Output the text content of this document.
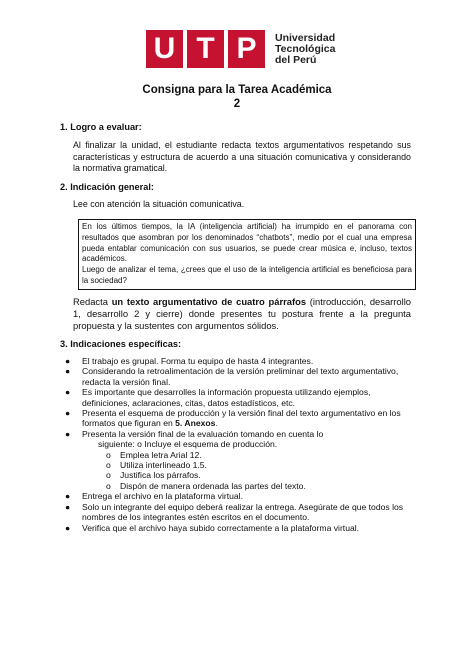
U T P	Universidad
Tecnológica
del Perú
Consigna para la Tarea Académica
2
1. Logro a evaluar:
Al finalizar la unidad, el estudiante redacta textos argumentativos respetando sus características y estructura de acuerdo a una situación comunicativa y considerando la normativa gramatical.
2. Indicación general:
Lee con atención la situación comunicativa.

En los últimos tiempos, la IA (inteligencia artificial) ha irrumpido en el panorama con resultados que asombran por los denominados “chatbots”, medio por el cual una empresa pueda entablar comunicación con sus usuarios, se puede crear música e, incluso, textos académicos.

Luego de analizar el tema, ¿crees que el uso de la inteligencia artificial es beneficiosa para la sociedad?

Redacta un texto argumentativo de cuatro párrafos (introducción, desarrollo 1, desarrollo 2 y cierre) donde presentes tu postura frente a la pregunta propuesta y la sustentes con argumentos sólidos.
3. Indicaciones específicas:
● El trabajo es grupal. Forma tu equipo de hasta 4 integrantes.
● Considerando la retroalimentación de la versión preliminar del texto argumentativo, redacta la versión final.
● Es importante que desarrolles la información propuesta utilizando ejemplos, definiciones, aclaraciones, citas, datos estadísticos, etc.
● Presenta el esquema de producción y la versión final del texto argumentativo en los formatos que figuran en 5. Anexos.
● Presenta la versión final de la evaluación tomando en cuenta lo
siguiente: o Incluye el esquema de producción.
o Emplea letra Arial 12.
o Utiliza interlineado 1.5.
o Justifica los párrafos.
o Dispón de manera ordenada las partes del texto.
● Entrega el archivo en la plataforma virtual.
● Solo un integrante del equipo deberá realizar la entrega. Asegúrate de que todos los nombres de los integrantes estén escritos en el documento.
● Verifica que el archivo haya subido correctamente a la plataforma virtual.
